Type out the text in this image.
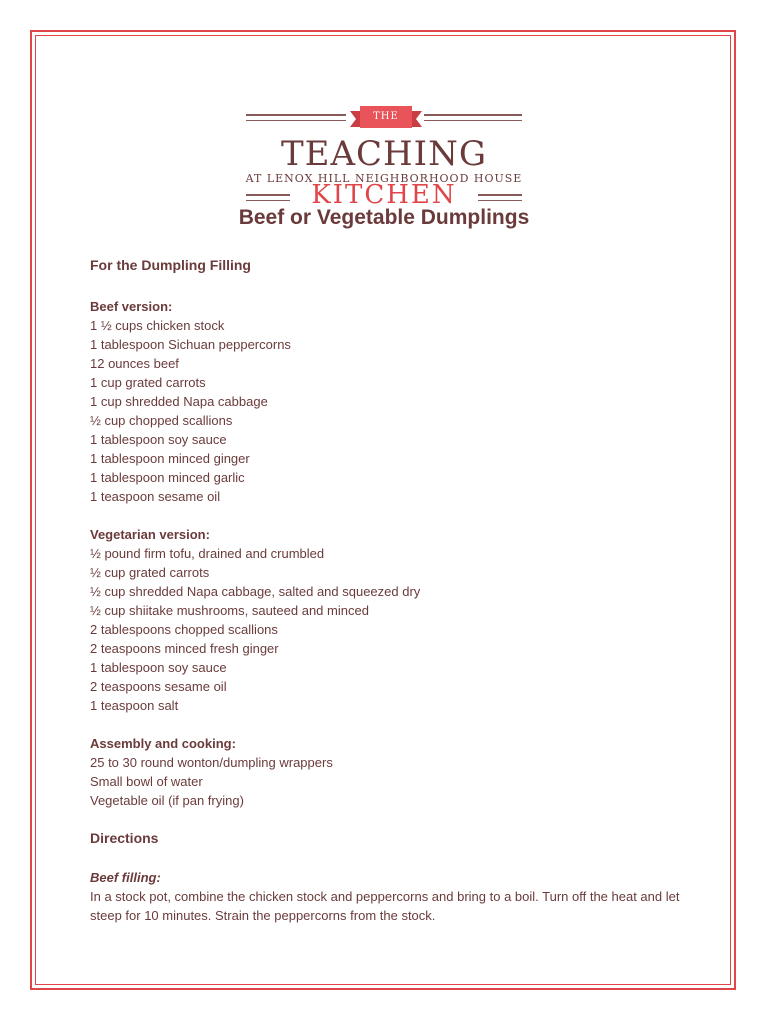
THE
TEACHING
KITCHEN
AT LENOX HILL NEIGHBORHOOD HOUSE
Beef or Vegetable Dumplings
For the Dumpling Filling
Beef version:
1 ½ cups chicken stock
1 tablespoon Sichuan peppercorns
12 ounces beef
1 cup grated carrots
1 cup shredded Napa cabbage
½ cup chopped scallions
1 tablespoon soy sauce
1 tablespoon minced ginger
1 tablespoon minced garlic
1 teaspoon sesame oil
Vegetarian version:
½ pound firm tofu, drained and crumbled
½ cup grated carrots
½ cup shredded Napa cabbage, salted and squeezed dry
½ cup shiitake mushrooms, sauteed and minced
2 tablespoons chopped scallions
2 teaspoons minced fresh ginger
1 tablespoon soy sauce
2 teaspoons sesame oil
1 teaspoon salt
Assembly and cooking:
25 to 30 round wonton/dumpling wrappers
Small bowl of water
Vegetable oil (if pan frying)
Directions
Beef filling:
In a stock pot, combine the chicken stock and peppercorns and bring to a boil. Turn off the heat and let steep for 10 minutes. Strain the peppercorns from the stock.
